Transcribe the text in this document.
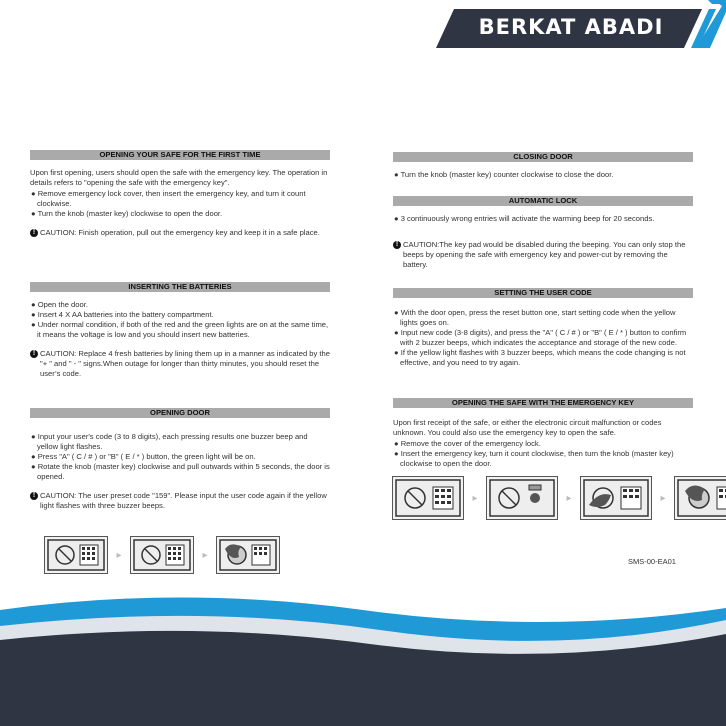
BERKAT ABADI
OPENING YOUR SAFE FOR THE FIRST TIME
Upon first opening, users should open the safe with the emergency key. The operation in details refers to "opening the safe with the emergency key".
● Remove emergency lock cover, then insert the emergency key, and turn it count clockwise.
● Turn the knob (master key) clockwise to open the door.
! CAUTION: Finish operation, pull out the emergency key and keep it in a safe place.
INSERTING THE BATTERIES
● Open the door.
● Insert 4 X AA batteries into the battery compartment.
● Under normal condition, if both of the red and the green lights are on at the same time, it means the voltage is low and you should insert new batteries.
! CAUTION: Replace 4 fresh batteries by lining them up in a manner as indicated by the "+ " and " - " signs.When outage for longer than thirty minutes, you should reset the user’s code.
OPENING DOOR
● Input your user's code (3 to 8 digits), each pressing results one buzzer beep and yellow light flashes.
● Press "A" ( C / # ) or "B" ( E / * ) button, the green light will be on.
● Rotate the knob (master key) clockwise and pull outwards within 5 seconds, the door is opened.
! CAUTION: The user preset code "159". Please input the user code again if the yellow light flashes with three buzzer beeps.
▸	▸
CLOSING DOOR
● Turn the knob (master key) counter clockwise to close the door.
AUTOMATIC LOCK
● 3 continuously wrong entries will activate the warming beep for 20 seconds.
! CAUTION:The key pad would be disabled during the beeping. You can only stop the beeps by opening the safe with emergency key and power-cut by removing the battery.
SETTING THE USER CODE
● With the door open, press the reset button one, start setting code when the yellow lights goes on.
● Input new code (3-8 digits), and press the "A" ( C / # ) or "B" ( E / * ) button to confirm with 2 buzzer beeps, which indicates the acceptance and storage of the new code.
● If the yellow light flashes with 3 buzzer beeps, which means the code changing is not effective, and you need to try again.
OPENING THE SAFE WITH THE EMERGENCY KEY
Upon first receipt of the safe, or either the electronic circuit malfunction or codes unknown. You could also use the emergency key to open the safe.
● Remove the cover of the emergency lock.
● Insert the emergency key, turn it count clockwise, then turn the knob (master key) clockwise to open the door.
▸	▸	▸
SMS-00-EA01
